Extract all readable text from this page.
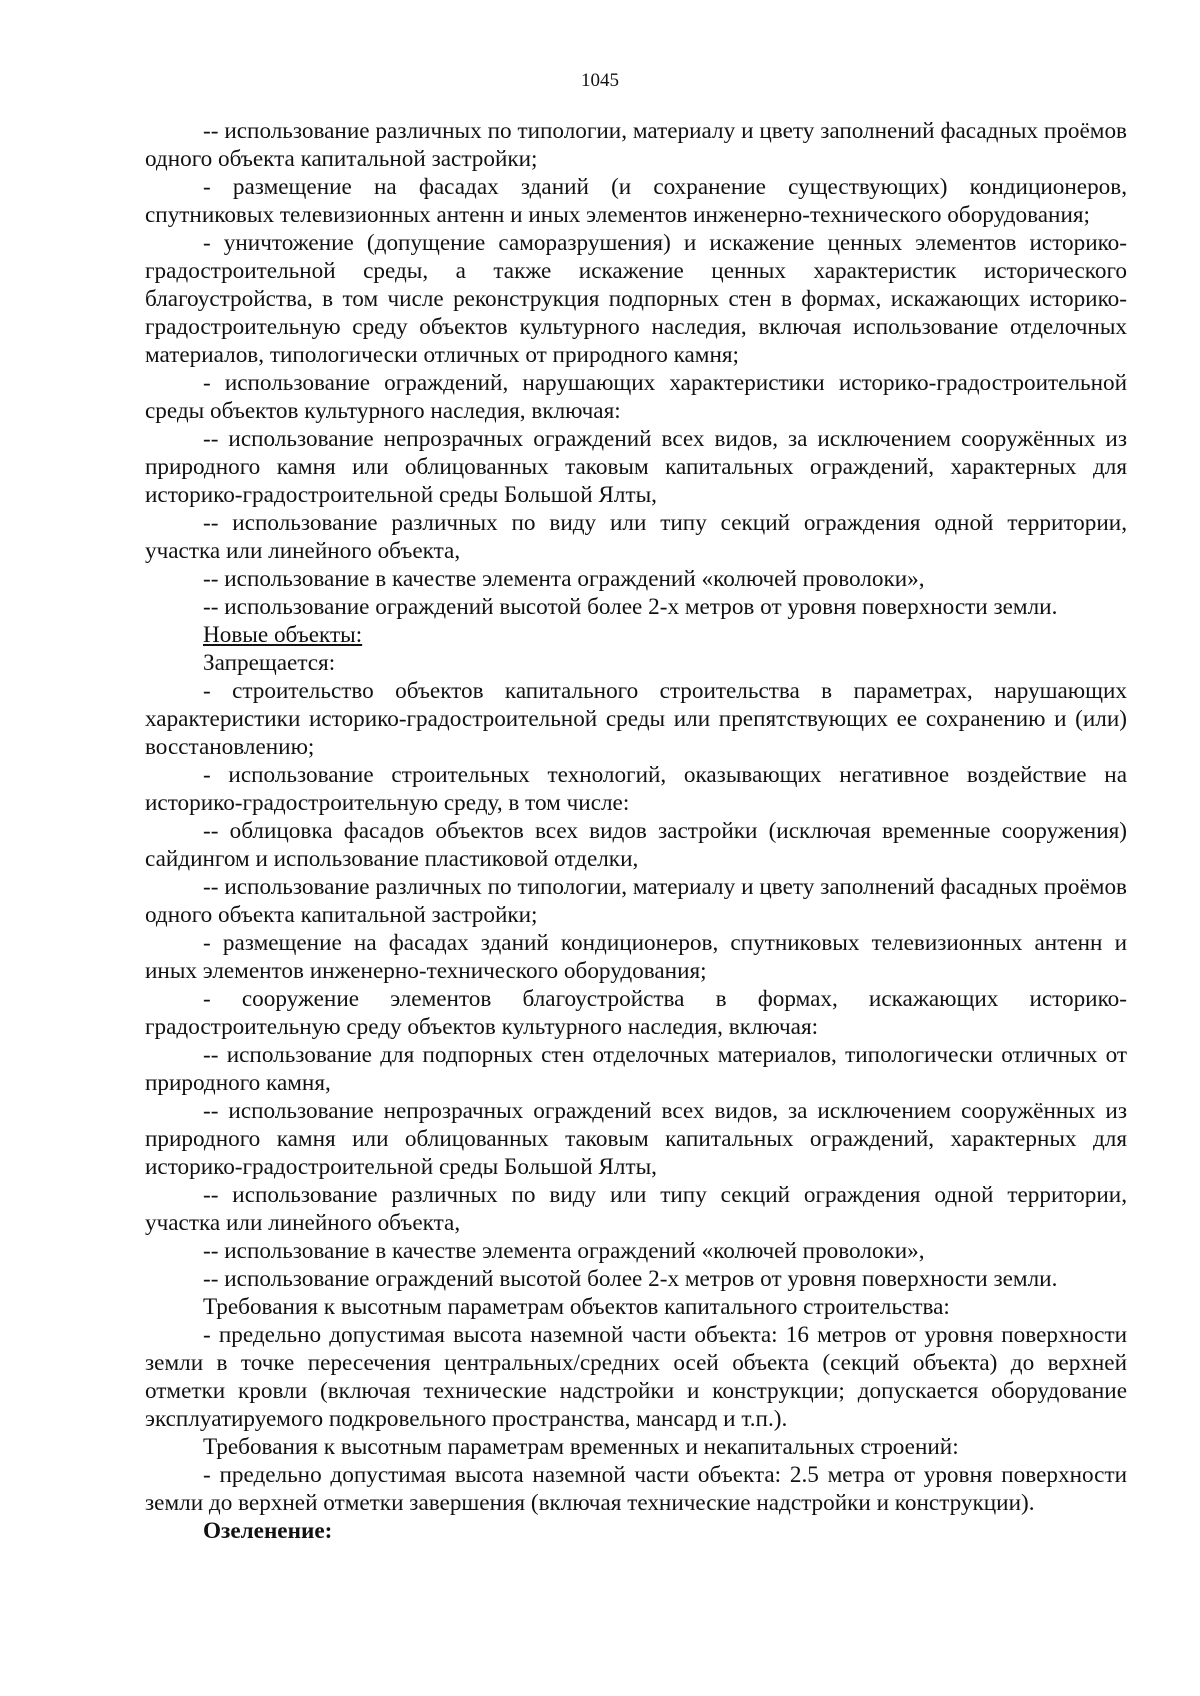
1045

-- использование различных по типологии, материалу и цвету заполнений фасадных проёмов одного объекта капитальной застройки;

- размещение на фасадах зданий (и сохранение существующих) кондиционеров, спутниковых телевизионных антенн и иных элементов инженерно-технического оборудования;

- уничтожение (допущение саморазрушения) и искажение ценных элементов историко-градостроительной среды, а также искажение ценных характеристик исторического благоустройства, в том числе реконструкция подпорных стен в формах, искажающих историко-градостроительную среду объектов культурного наследия, включая использование отделочных материалов, типологически отличных от природного камня;

- использование ограждений, нарушающих характеристики историко-градостроительной среды объектов культурного наследия, включая:

-- использование непрозрачных ограждений всех видов, за исключением сооружённых из природного камня или облицованных таковым капитальных ограждений, характерных для историко-градостроительной среды Большой Ялты,

-- использование различных по виду или типу секций ограждения одной территории, участка или линейного объекта,

-- использование в качестве элемента ограждений «колючей проволоки»,

-- использование ограждений высотой более 2-х метров от уровня поверхности земли.

Новые объекты:

Запрещается:

- строительство объектов капитального строительства в параметрах, нарушающих характеристики историко-градостроительной среды или препятствующих ее сохранению и (или) восстановлению;

- использование строительных технологий, оказывающих негативное воздействие на историко-градостроительную среду, в том числе:

-- облицовка фасадов объектов всех видов застройки (исключая временные сооружения) сайдингом и использование пластиковой отделки,

-- использование различных по типологии, материалу и цвету заполнений фасадных проёмов одного объекта капитальной застройки;

- размещение на фасадах зданий кондиционеров, спутниковых телевизионных антенн и иных элементов инженерно-технического оборудования;

- сооружение элементов благоустройства в формах, искажающих историко-градостроительную среду объектов культурного наследия, включая:

-- использование для подпорных стен отделочных материалов, типологически отличных от природного камня,

-- использование непрозрачных ограждений всех видов, за исключением сооружённых из природного камня или облицованных таковым капитальных ограждений, характерных для историко-градостроительной среды Большой Ялты,

-- использование различных по виду или типу секций ограждения одной территории, участка или линейного объекта,

-- использование в качестве элемента ограждений «колючей проволоки»,

-- использование ограждений высотой более 2-х метров от уровня поверхности земли.

Требования к высотным параметрам объектов капитального строительства:

- предельно допустимая высота наземной части объекта: 16 метров от уровня поверхности земли в точке пересечения центральных/средних осей объекта (секций объекта) до верхней отметки кровли (включая технические надстройки и конструкции; допускается оборудование эксплуатируемого подкровельного пространства, мансард и т.п.).

Требования к высотным параметрам временных и некапитальных строений:

- предельно допустимая высота наземной части объекта: 2.5 метра от уровня поверхности земли до верхней отметки завершения (включая технические надстройки и конструкции).

Озеленение:
